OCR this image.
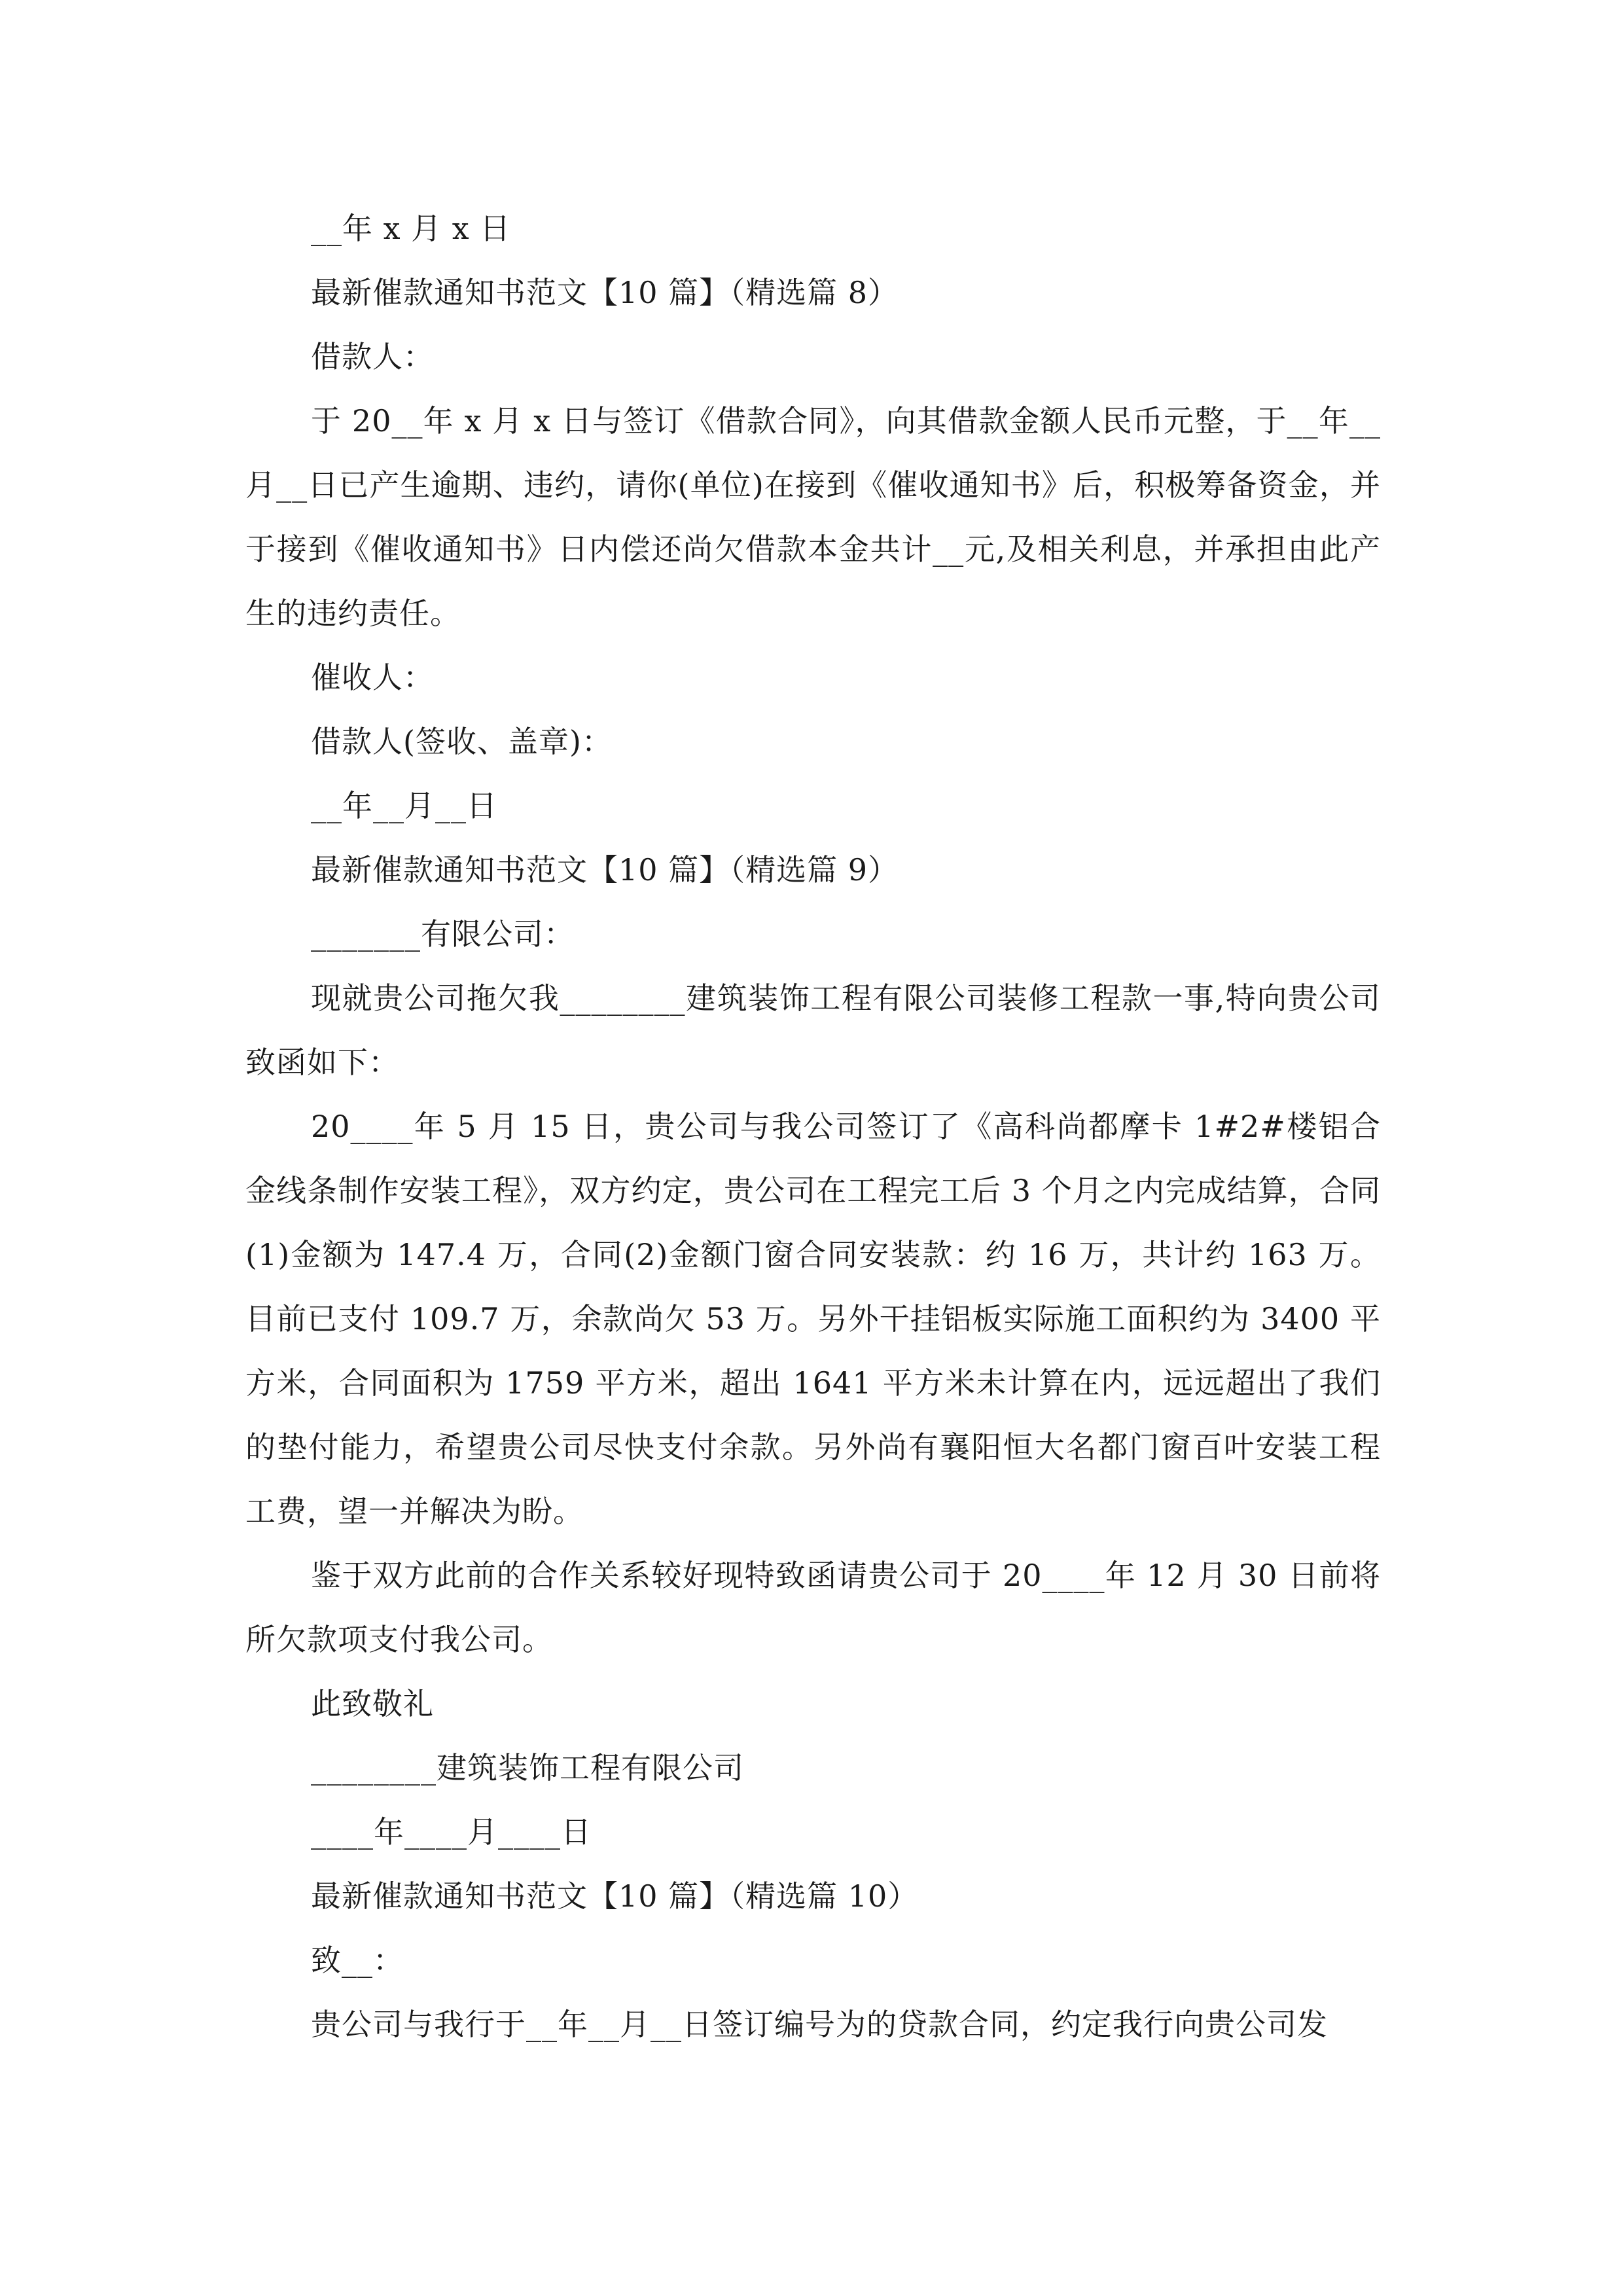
__年 x 月 x 日

最新催款通知书范文【10 篇】（精选篇 8）

借款人：

于 20__年 x 月 x 日与签订《借款合同》，向其借款金额人民币元整，于__年__月__日已产生逾期、违约，请你(单位)在接到《催收通知书》后，积极筹备资金，并于接到《催收通知书》日内偿还尚欠借款本金共计__元,及相关利息，并承担由此产生的违约责任。

催收人：

借款人(签收、盖章)：

__年__月__日

最新催款通知书范文【10 篇】（精选篇 9）

_______有限公司：

现就贵公司拖欠我________建筑装饰工程有限公司装修工程款一事,特向贵公司致函如下：

20____年 5 月 15 日，贵公司与我公司签订了《高科尚都摩卡 1#2#楼铝合金线条制作安装工程》，双方约定，贵公司在工程完工后 3 个月之内完成结算，合同(1)金额为 147.4 万，合同(2)金额门窗合同安装款：约 16 万，共计约 163 万。目前已支付 109.7 万，余款尚欠 53 万。另外干挂铝板实际施工面积约为 3400 平方米，合同面积为 1759 平方米，超出 1641 平方米未计算在内，远远超出了我们的垫付能力，希望贵公司尽快支付余款。另外尚有襄阳恒大名都门窗百叶安装工程工费，望一并解决为盼。

鉴于双方此前的合作关系较好现特致函请贵公司于 20____年 12 月 30 日前将所欠款项支付我公司。

此致敬礼

________建筑装饰工程有限公司

____年____月____日

最新催款通知书范文【10 篇】（精选篇 10）

致__：

贵公司与我行于__年__月__日签订编号为的贷款合同，约定我行向贵公司发
